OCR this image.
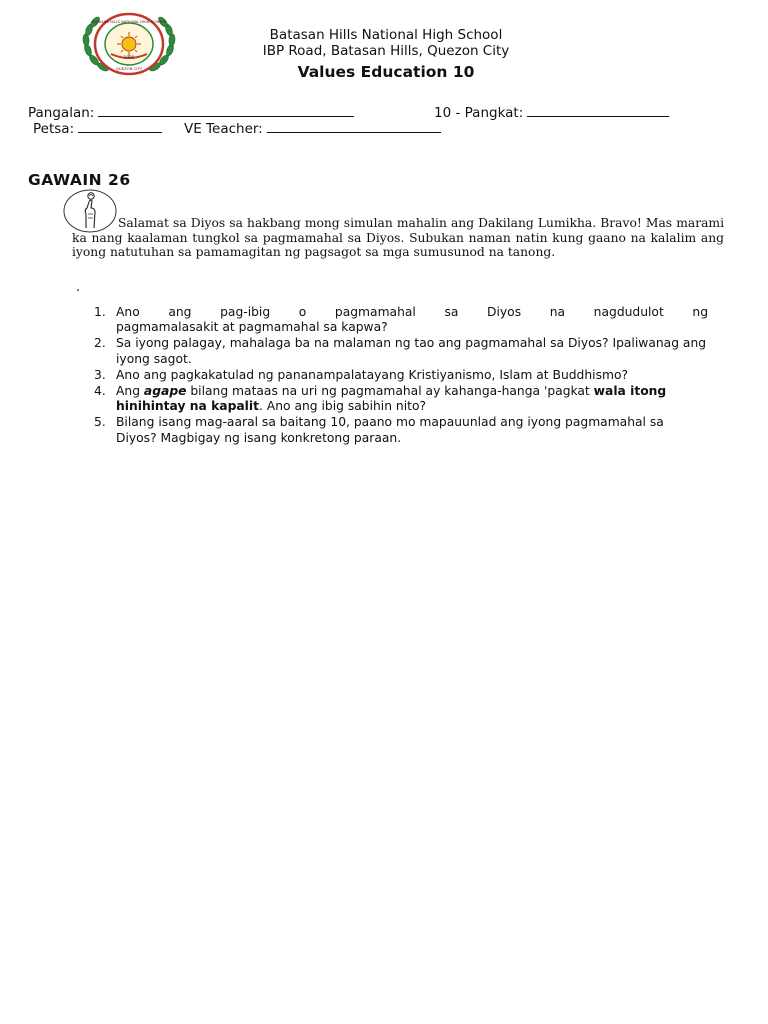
1995
BATASAN HILLS NATIONAL HIGH SCHOOL
QUEZON CITY
Batasan Hills National High School
IBP Road, Batasan Hills, Quezon City
Values Education 10
Pangalan:	10 - Pangkat:
Petsa:	VE Teacher:
GAWAIN 26

Salamat sa Diyos sa hakbang mong simulan mahalin ang Dakilang Lumikha. Bravo! Mas marami ka nang kaalaman tungkol sa pagmamahal sa Diyos. Subukan naman natin kung gaano na kalalim ang iyong natutuhan sa pamamagitan ng pagsagot sa mga sumusunod na tanong.

.
1. Ano ang pag-ibig o pagmamahal sa Diyos na nagdudulot ng
pagmamalasakit at pagmamahal sa kapwa?
2. Sa iyong palagay, mahalaga ba na malaman ng tao ang pagmamahal sa Diyos? Ipaliwanag ang iyong sagot.
3. Ano ang pagkakatulad ng pananampalatayang Kristiyanismo, Islam at Buddhismo?
4. Ang agape bilang mataas na uri ng pagmamahal ay kahanga-hanga 'pagkat wala itong hinihintay na kapalit. Ano ang ibig sabihin nito?
5. Bilang isang mag-aaral sa baitang 10, paano mo mapauunlad ang iyong pagmamahal sa Diyos? Magbigay ng isang konkretong paraan.
